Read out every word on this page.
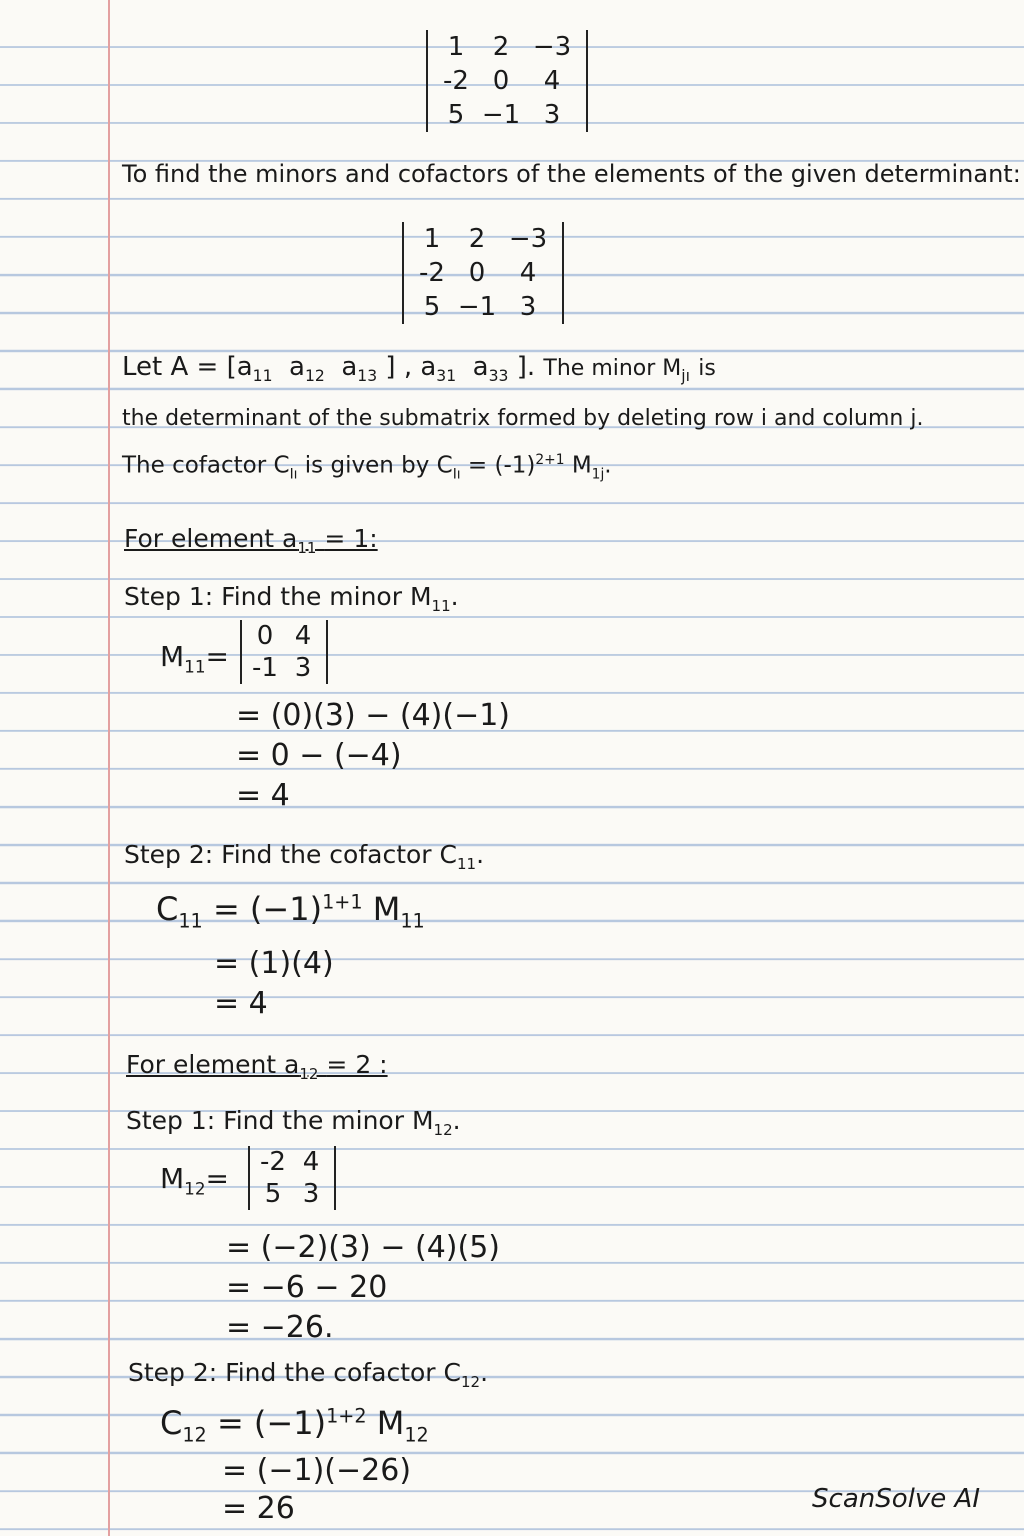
1	2 −3
-2 0	4
5 −1 3
To find the minors and cofactors of the elements of the given determinant:
1	2 −3
-2 0	4
5 −1 3
Let $A = [a_{11}$ $a_{12}$ $a_{13}$ ] , $a_{31}$ $a_{33}$ ]. The minor $M_{jı}$ is
the determinant of the submatrix formed by deleting row i and column j.
The cofactor $C_{Iı}$ is given by $C_{Iı} = (-1)^{2+1}$ $M_{1j}$.
For element $a_{11} = 1$:
Step 1: Find the minor $M_{11}$.
$M_{11}=$
0 4
-1 3
= (0)(3) − (4)(−1)
= 0 − (−4)
= 4
Step 2: Find the cofactor $C_{11}$.
$C_{11} = (-1)^{1+1}$ $M_{11}$
= (1)(4)
= 4
For element $a_{12} = 2$ :
Step 1: Find the minor $M_{12}$.
$M_{12}= -2$ 4
5 3
= (−2)(3) − (4)(5)
= −6 − 20
= −26.
Step 2: Find the cofactor $C_{12}$.
$C_{12} = (-1)^{1+2}$ $M_{12}$
= (−1)(−26)
= 26	ScanSolve AI
